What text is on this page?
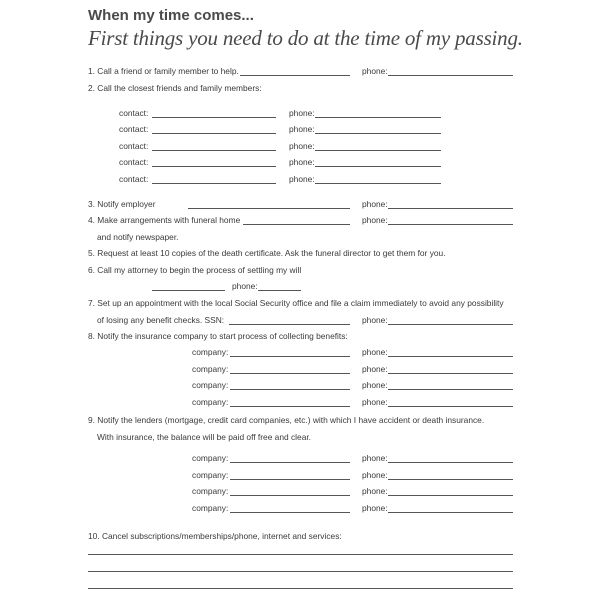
When my time comes...
First things you need to do at the time of my passing.
1. Call a friend or family member to help.	phone:
2. Call the closest friends and family members:
contact:	phone:
contact:	phone:
contact:	phone:
contact:	phone:
contact:	phone:
3. Notify employer	phone:
4. Make arrangements with funeral home	phone:
and notify newspaper.
5. Request at least 10 copies of the death certificate. Ask the funeral director to get them for you.
6. Call my attorney to begin the process of settling my will
phone:
7. Set up an appointment with the local Social Security office and file a claim immediately to avoid any possibility
of losing any benefit checks. SSN:	phone:
8. Notify the insurance company to start process of collecting benefits:
company:	phone:
company:	phone:
company:	phone:
company:	phone:
9. Notify the lenders (mortgage, credit card companies, etc.) with which I have accident or death insurance.
With insurance, the balance will be paid off free and clear.
company:	phone:
company:	phone:
company:	phone:
company:	phone:
10. Cancel subscriptions/memberships/phone, internet and services:
